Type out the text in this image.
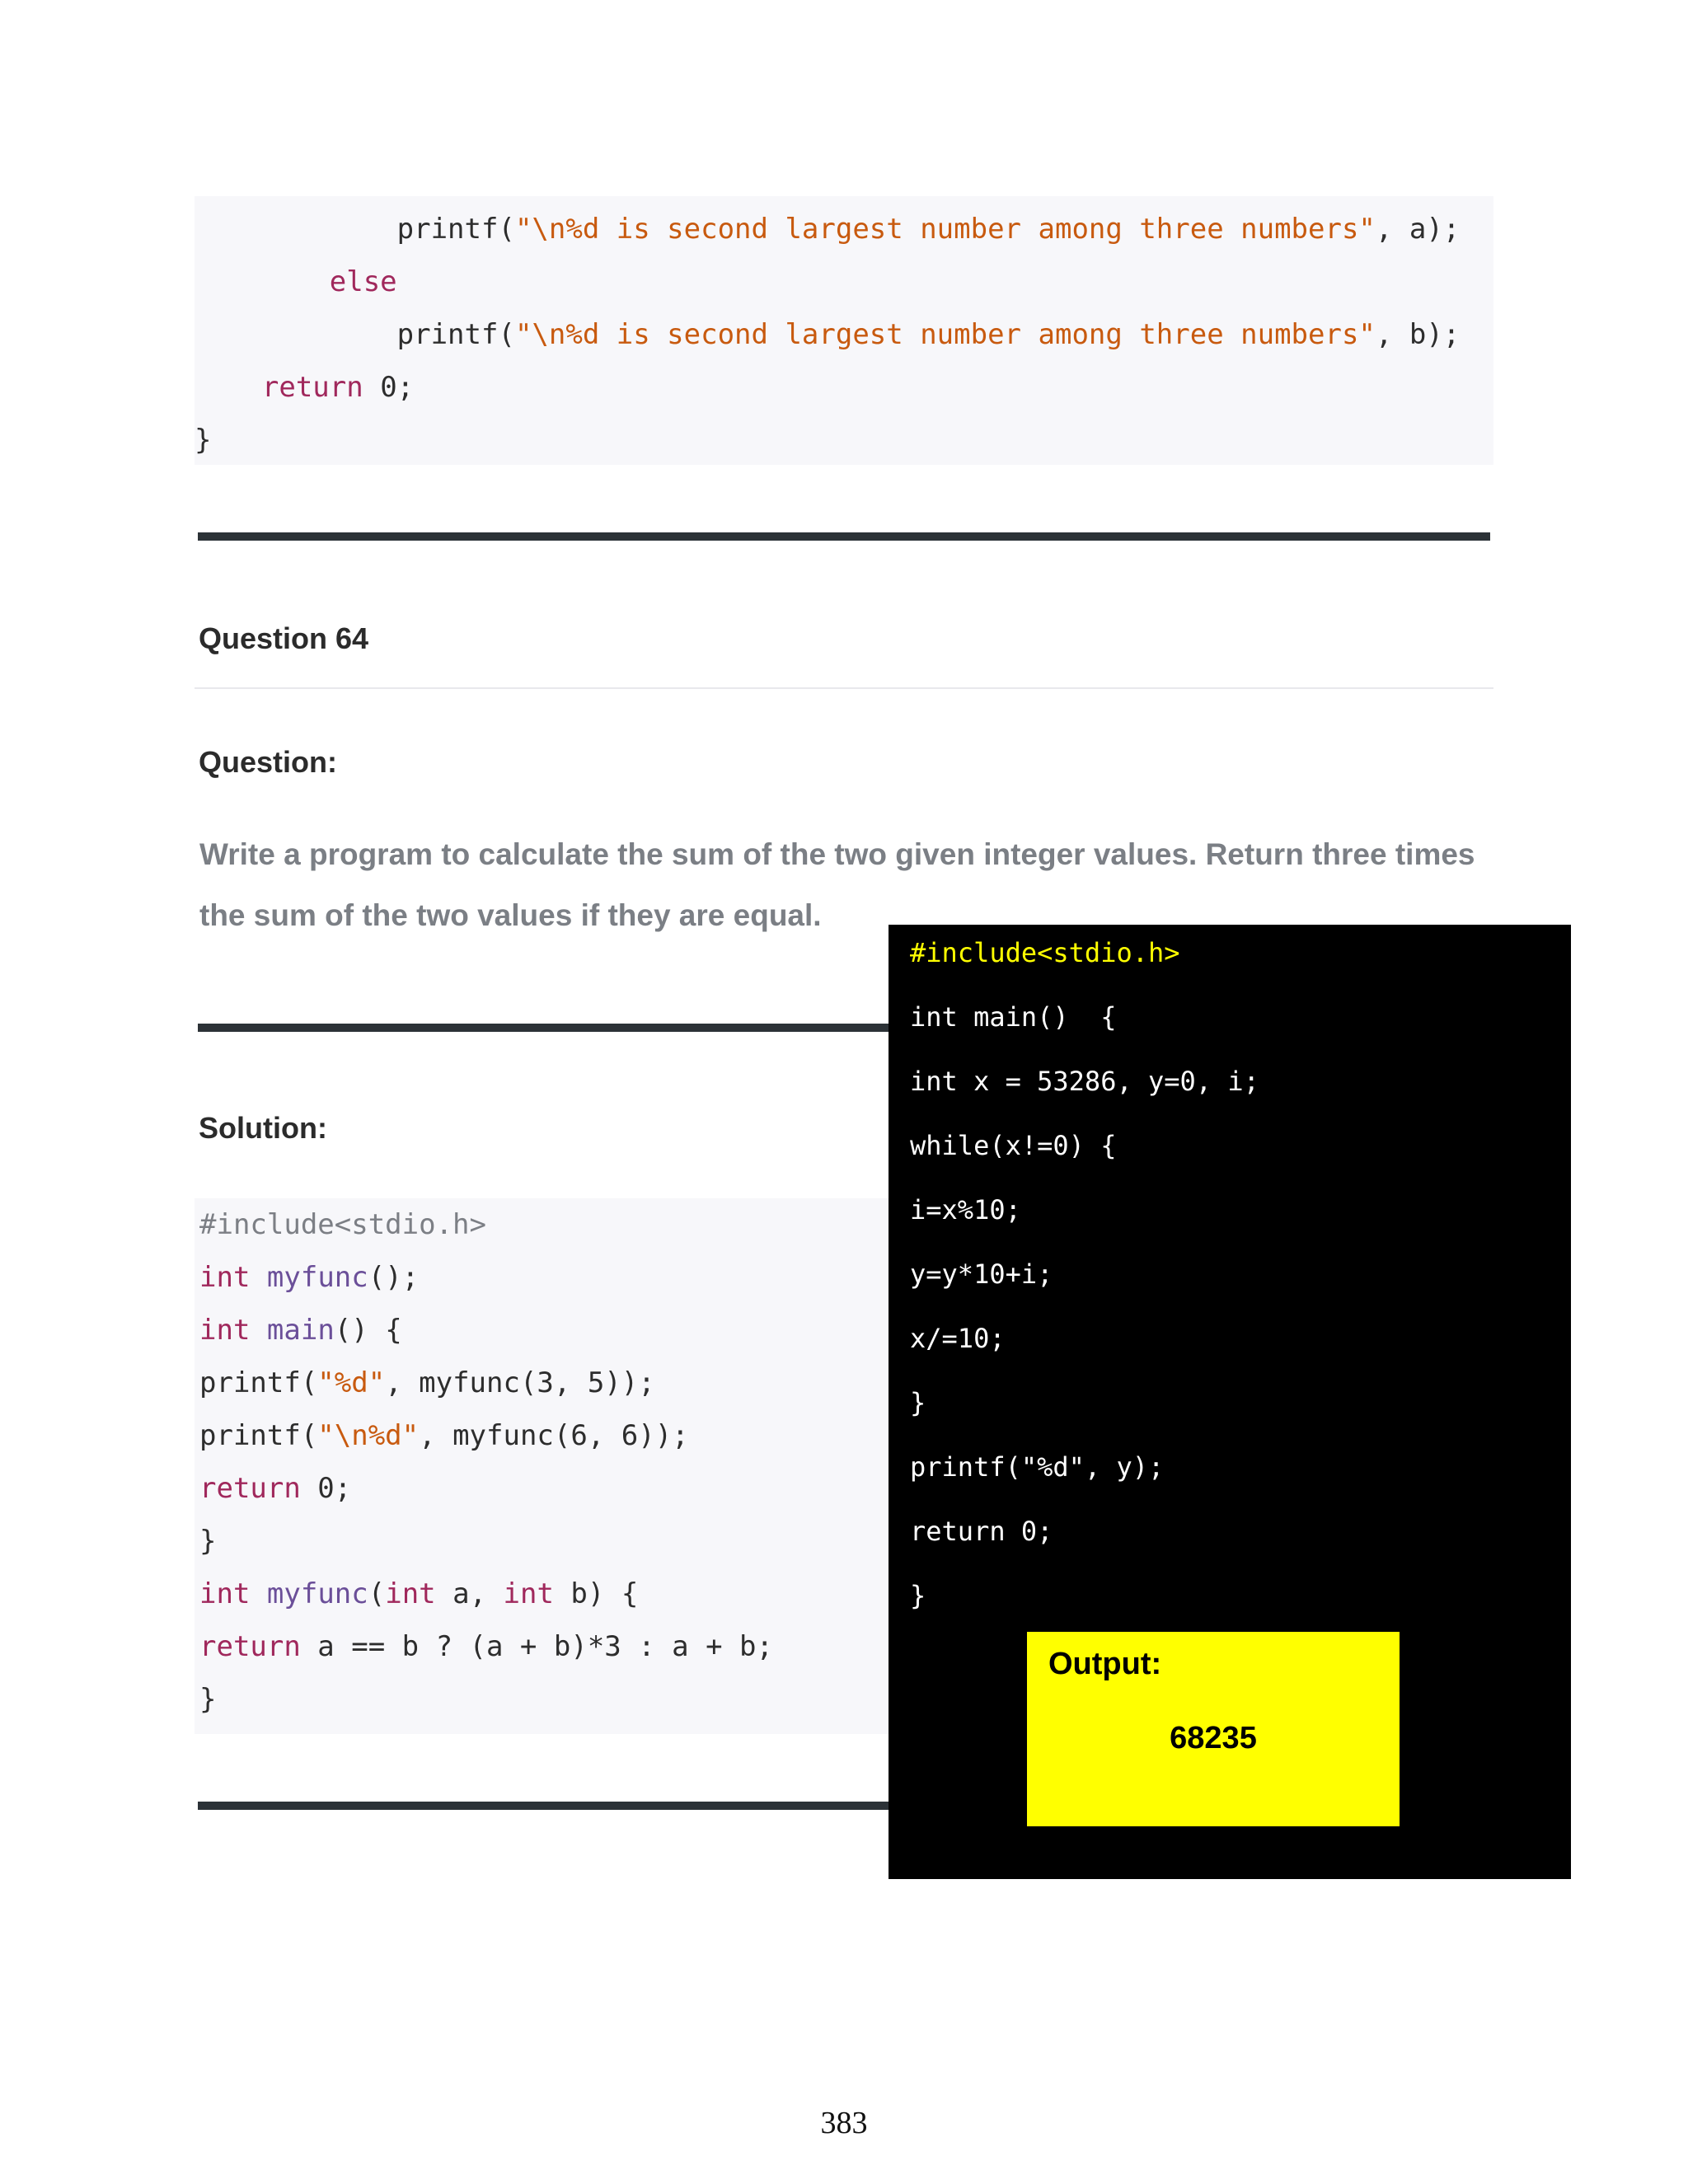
printf("\n%d is second largest number among three numbers", a);

else

printf("\n%d is second largest number among three numbers", b);

return 0;

}

Question 64
Question:
Write a program to calculate the sum of the two given integer values. Return three times the sum of the two values if they are equal.
Solution:

#include<stdio.h>

int myfunc();

int main() {

printf("%d", myfunc(3, 5));

printf("\n%d", myfunc(6, 6));

return 0;

}

int myfunc(int a, int b) {

return a == b ? (a + b)*3 : a + b;

}

#include<stdio.h>

int main()  {

int x = 53286, y=0, i;

while(x!=0) {

i=x%10;

y=y*10+i;

x/=10;

}

printf("%d", y);

return 0;

}

Output:
68235
383
